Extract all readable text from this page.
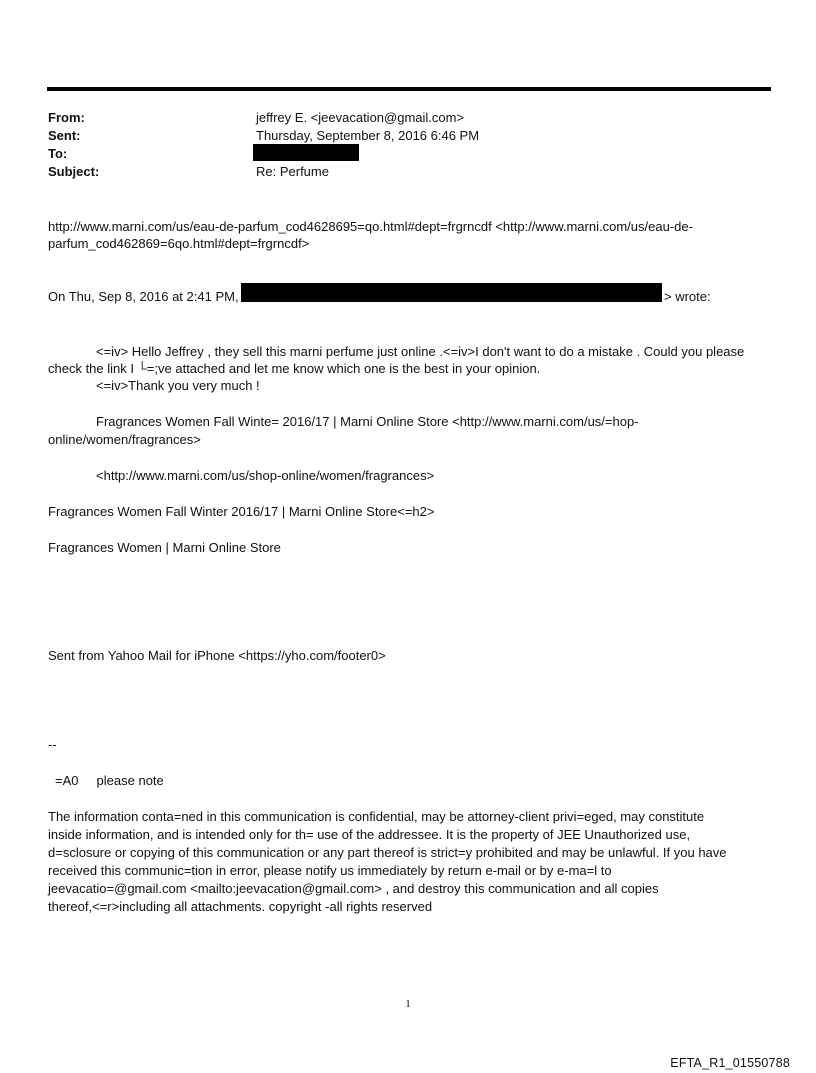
From:	jeffrey E. <jeevacation@gmail.com>
Sent:	Thursday, September 8, 2016 6:46 PM
To:
Subject:	Re: Perfume
http://www.marni.com/us/eau-de-parfum_cod4628695=qo.html#dept=frgrncdf <http://www.marni.com/us/eau-de-
parfum_cod462869=6qo.html#dept=frgrncdf>
On Thu, Sep 8, 2016 at 2:41 PM,	> wrote:
<=iv> Hello Jeffrey , they sell this marni perfume just online .<=iv>I don't want to do a mistake . Could you please
check the link I └=;ve attached and let me know which one is the best in your opinion.
<=iv>Thank you very much !
Fragrances Women Fall Winte= 2016/17 | Marni Online Store <http://www.marni.com/us/=hop-
online/women/fragrances>
<http://www.marni.com/us/shop-online/women/fragrances>
Fragrances Women Fall Winter 2016/17 | Marni Online Store<=h2>
Fragrances Women | Marni Online Store
Sent from Yahoo Mail for iPhone <https://yho.com/footer0>
--
=A0     please note
The information conta=ned in this communication is confidential, may be attorney-client privi=eged, may constitute
inside information, and is intended only for th= use of the addressee. It is the property of JEE Unauthorized use,
d=sclosure or copying of this communication or any part thereof is strict=y prohibited and may be unlawful. If you have
received this communic=tion in error, please notify us immediately by return e-mail or by e-ma=l to
jeevacatio=@gmail.com <mailto:jeevacation@gmail.com> , and destroy this communication and all copies
thereof,<=r>including all attachments. copyright -all rights reserved
1
EFTA_R1_01550788
